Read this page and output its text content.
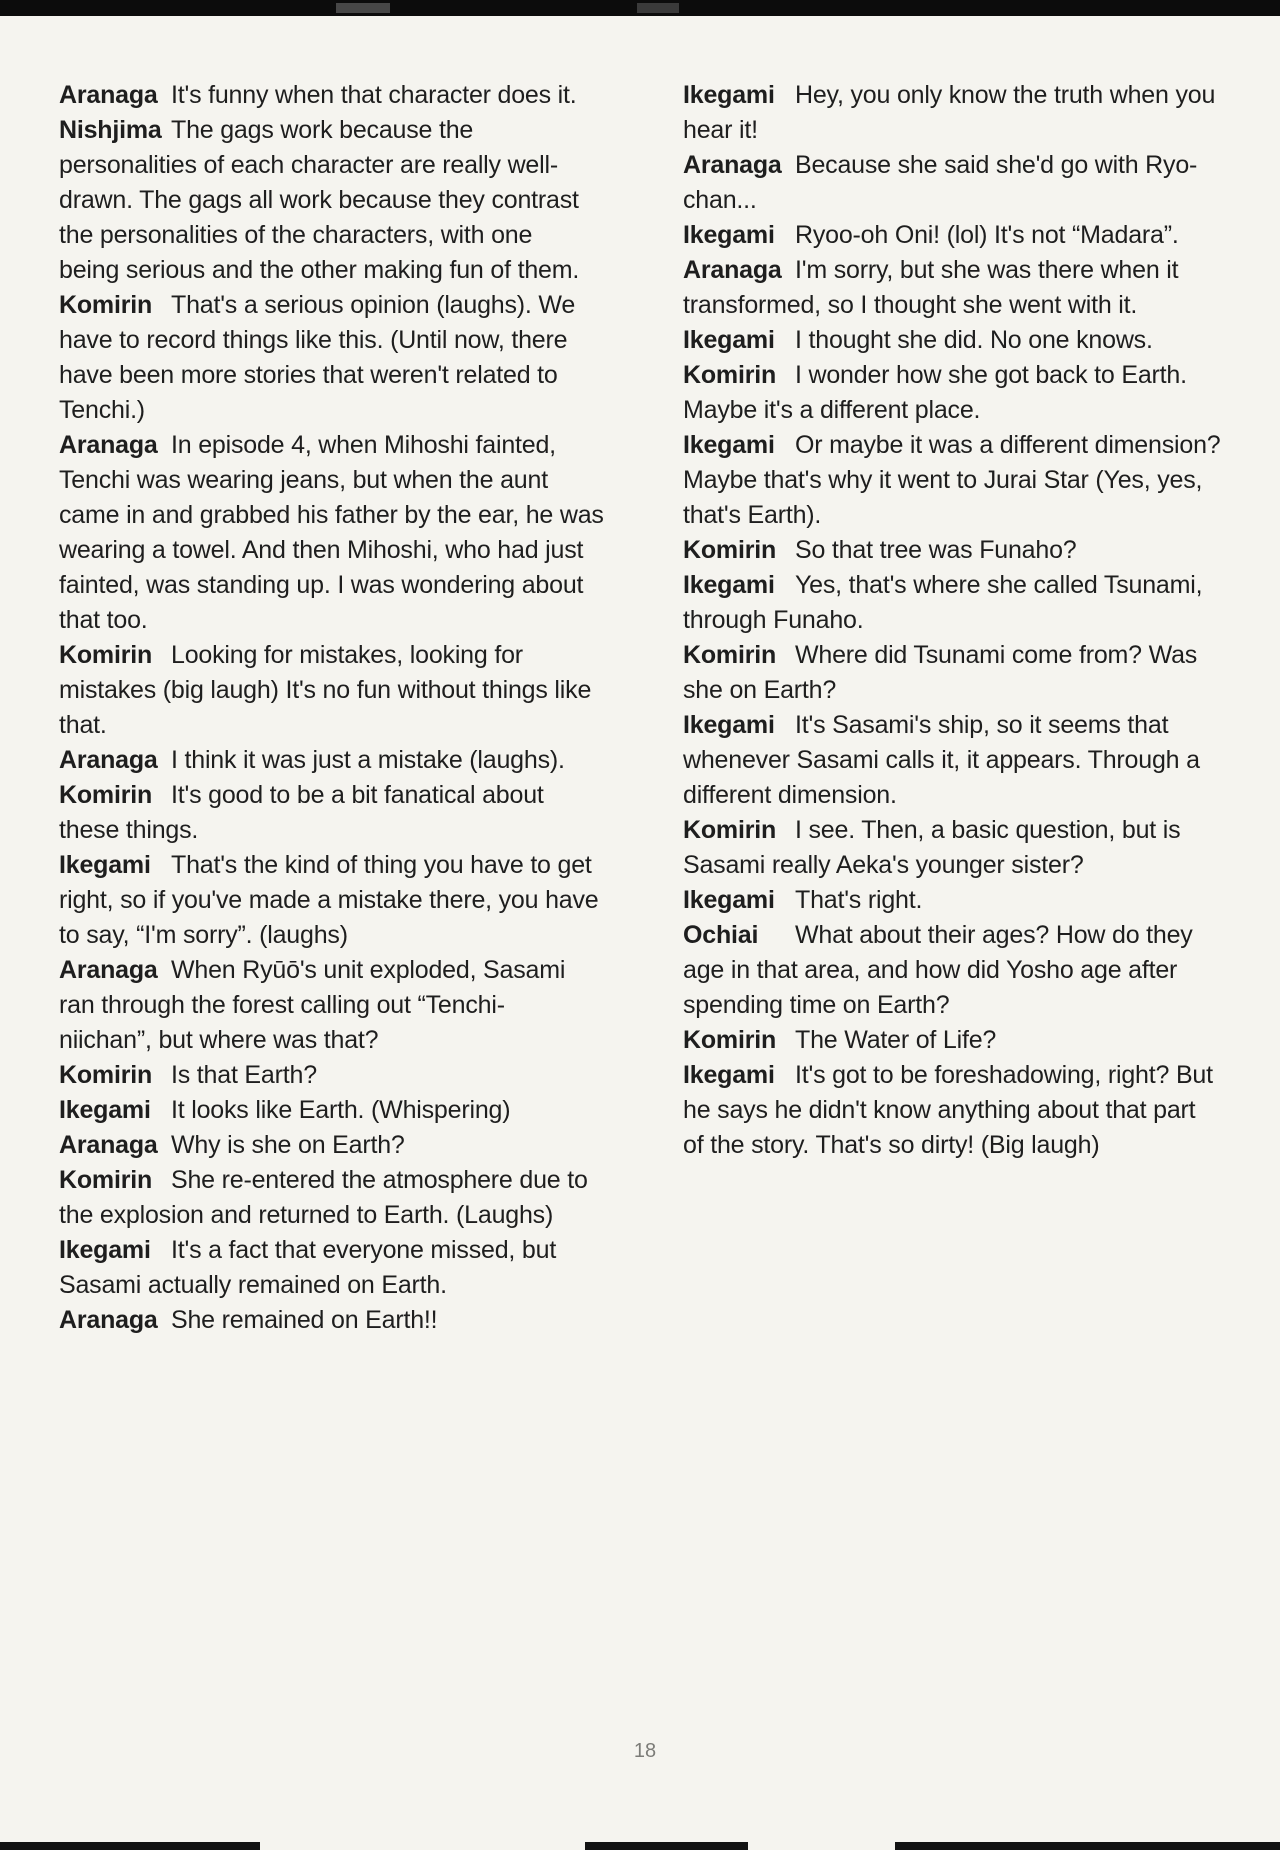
Aranaga It's funny when that character does it.
Nishjima The gags work because the
personalities of each character are really well-
drawn. The gags all work because they contrast
the personalities of the characters, with one
being serious and the other making fun of them.
Komirin That's a serious opinion (laughs). We
have to record things like this. (Until now, there
have been more stories that weren't related to
Tenchi.)
Aranaga In episode 4, when Mihoshi fainted,
Tenchi was wearing jeans, but when the aunt
came in and grabbed his father by the ear, he was
wearing a towel. And then Mihoshi, who had just
fainted, was standing up. I was wondering about
that too.
Komirin Looking for mistakes, looking for
mistakes (big laugh) It's no fun without things like
that.
Aranaga I think it was just a mistake (laughs).
Komirin It's good to be a bit fanatical about
these things.
Ikegami That's the kind of thing you have to get
right, so if you've made a mistake there, you have
to say, “I'm sorry”. (laughs)
Aranaga When Ryūō's unit exploded, Sasami
ran through the forest calling out “Tenchi-
niichan”, but where was that?
Komirin Is that Earth?
Ikegami It looks like Earth. (Whispering)
Aranaga Why is she on Earth?
Komirin She re-entered the atmosphere due to
the explosion and returned to Earth. (Laughs)
Ikegami It's a fact that everyone missed, but
Sasami actually remained on Earth.
Aranaga She remained on Earth!!
Ikegami Hey, you only know the truth when you
hear it!
Aranaga Because she said she'd go with Ryo-
chan...
Ikegami Ryoo-oh Oni! (lol) It's not “Madara”.
Aranaga I'm sorry, but she was there when it
transformed, so I thought she went with it.
Ikegami I thought she did. No one knows.
Komirin I wonder how she got back to Earth.
Maybe it's a different place.
Ikegami Or maybe it was a different dimension?
Maybe that's why it went to Jurai Star (Yes, yes,
that's Earth).
Komirin So that tree was Funaho?
Ikegami Yes, that's where she called Tsunami,
through Funaho.
Komirin Where did Tsunami come from? Was
she on Earth?
Ikegami It's Sasami's ship, so it seems that
whenever Sasami calls it, it appears. Through a
different dimension.
Komirin I see. Then, a basic question, but is
Sasami really Aeka's younger sister?
Ikegami That's right.
Ochiai What about their ages? How do they
age in that area, and how did Yosho age after
spending time on Earth?
Komirin The Water of Life?
Ikegami It's got to be foreshadowing, right? But
he says he didn't know anything about that part
of the story. That's so dirty! (Big laugh)
18
